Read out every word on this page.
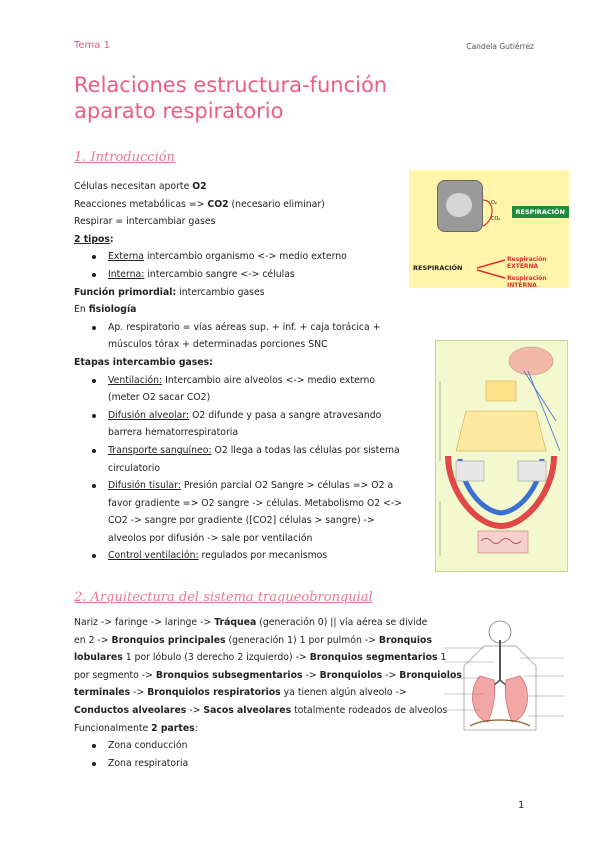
Tema 1	Candela Gutiérrez
Relaciones estructura-función aparato respiratorio
1. Introducción
Células necesitan aporte O2
Reacciones metabólicas => CO2 (necesario eliminar)
Respirar = intercambiar gases
2 tipos:
Externa intercambio organismo <-> medio externo
Interna: intercambio sangre <-> células
Función primordial: intercambio gases
En fisiología
Ap. respiratorio = vías aéreas sup. + inf. + caja torácica +
músculos tórax + determinadas porciones SNC
Etapas intercambio gases:
Ventilación: Intercambio aire alveolos <-> medio externo
(meter O2 sacar CO2)
Difusión alveolar: O2 difunde y pasa a sangre atravesando
barrera hematorrespiratoria
Transporte sanguíneo: O2 llega a todas las células por sistema
circulatorio
Difusión tisular: Presión parcial O2 Sangre > células => O2 a
favor gradiente => O2 sangre -> células. Metabolismo O2 <->
CO2 -> sangre por gradiente ([CO2] células > sangre) ->
alveolos por difusión -> sale por ventilación
Control ventilación: regulados por mecanismos
O₂
CO₂
RESPIRACIÓN
RESPIRACIÓN
Respiración EXTERNA
Respiración INTERNA
2. Arquitectura del sistema traqueobronquial
Nariz -> faringe -> laringe -> Tráquea (generación 0) || vía aérea se divide
en 2 -> Bronquios principales (generación 1) 1 por pulmón -> Bronquios
lobulares 1 por lóbulo (3 derecho 2 izquierdo) -> Bronquios segmentarios 1
por segmento -> Bronquios subsegmentarios -> Bronquiolos -> Bronquiolos
terminales -> Bronquiolos respiratorios ya tienen algún alveolo ->
Conductos alveolares -> Sacos alveolares totalmente rodeados de alveolos
Funcionalmente 2 partes:
Zona conducción
Zona respiratoria
1
